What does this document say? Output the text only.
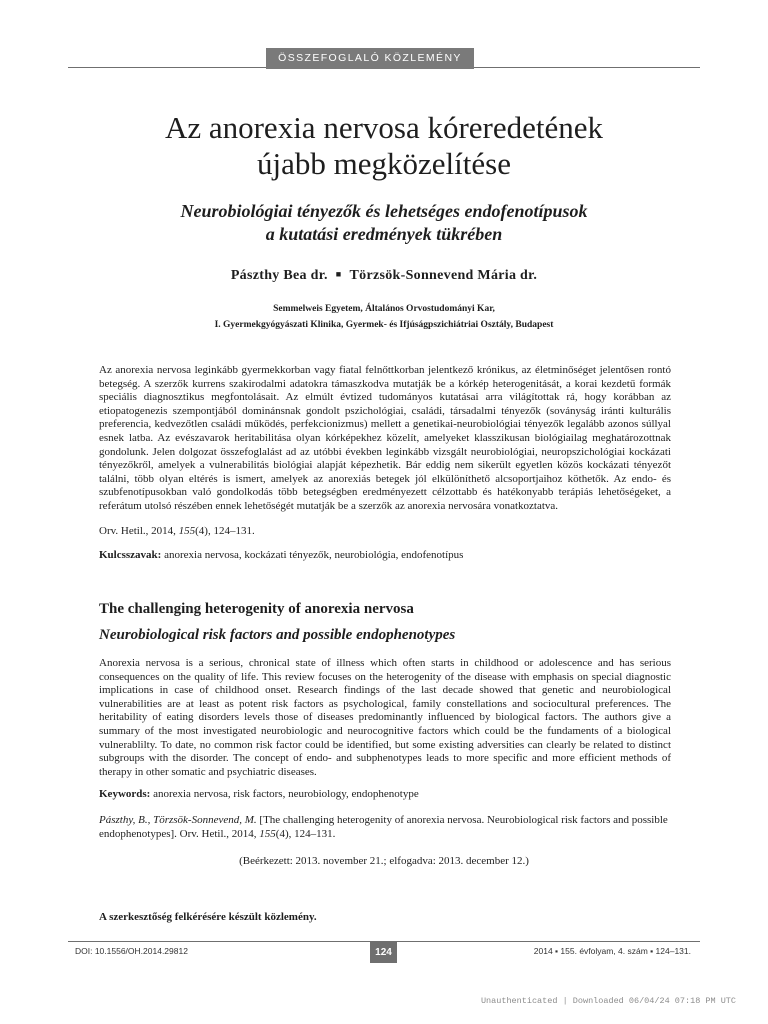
ÖSSZEFOGLALÓ KÖZLEMÉNY
Az anorexia nervosa kóreredetének
újabb megközelítése
Neurobiológiai tényezők és lehetséges endofenotípusok
a kutatási eredmények tükrében
Pászthy Bea dr. ■ Törzsök-Sonnevend Mária dr.
Semmelweis Egyetem, Általános Orvostudományi Kar,
I. Gyermekgyógyászati Klinika, Gyermek- és Ifjúságpszichiátriai Osztály, Budapest

Az anorexia nervosa leginkább gyermekkorban vagy fiatal felnőttkorban jelentkező krónikus, az életminőséget jelentősen rontó betegség. A szerzők kurrens szakirodalmi adatokra támaszkodva mutatják be a kórkép heterogenitását, a korai kezdetű formák speciális diagnosztikus megfontolásait. Az elmúlt évtized tudományos kutatásai arra világítottak rá, hogy korábban az etiopatogenezis szempontjából dominánsnak gondolt pszichológiai, családi, társadalmi tényezők (soványság iránti kulturális preferencia, kedvezőtlen családi működés, perfekcionizmus) mellett a genetikai-neurobiológiai tényezők legalább azonos súllyal esnek latba. Az evészavarok heritabilitása olyan kórképekhez közelít, amelyeket klasszikusan biológiailag meghatározottnak gondolunk. Jelen dolgozat összefoglalást ad az utóbbi években leginkább vizsgált neurobiológiai, neuropszichológiai kockázati tényezőkről, amelyek a vulnerabilitás biológiai alapját képezhetik. Bár eddig nem sikerült egyetlen közös kockázati tényezőt találni, több olyan eltérés is ismert, amelyek az anorexiás betegek jól elkülöníthető alcsoportjaihoz köthetők. Az endo- és szubfenotípusokban való gondolkodás több betegségben eredményezett célzottabb és hatékonyabb terápiás lehetőségeket, a referátum utolsó részében ennek lehetőségét mutatják be a szerzők az anorexia nervosára vonatkoztatva.

Orv. Hetil., 2014, 155(4), 124–131.
Kulcsszavak: anorexia nervosa, kockázati tényezők, neurobiológia, endofenotípus
The challenging heterogenity of anorexia nervosa
Neurobiological risk factors and possible endophenotypes

Anorexia nervosa is a serious, chronical state of illness which often starts in childhood or adolescence and has serious consequences on the quality of life. This review focuses on the heterogenity of the disease with emphasis on special diagnostic implications in case of childhood onset. Research findings of the last decade showed that genetic and neurobiological vulnerabilities are at least as potent risk factors as psychological, family constellations and sociocultural preferences. The heritability of eating disorders levels those of diseases predominantly influenced by biological factors. The authors give a summary of the most investigated neurobiologic and neurocognitive factors which could be the fundaments of a biological vulnerablilty. To date, no common risk factor could be identified, but some existing adversities can clearly be related to distinct subgroups with the disorder. The concept of endo- and subphenotypes leads to more specific and more efficient methods of therapy in other somatic and psychiatric diseases.

Keywords: anorexia nervosa, risk factors, neurobiology, endophenotype

Pászthy, B., Törzsök-Sonnevend, M. [The challenging heterogenity of anorexia nervosa. Neurobiological risk factors and possible endophenotypes]. Orv. Hetil., 2014, 155(4), 124–131.

(Beérkezett: 2013. november 21.; elfogadva: 2013. december 12.)
A szerkesztőség felkérésére készült közlemény.
DOI: 10.1556/OH.2014.29812	124	2014 ▪ 155. évfolyam, 4. szám ▪ 124–131.
Unauthenticated | Downloaded 06/04/24 07:18 PM UTC
